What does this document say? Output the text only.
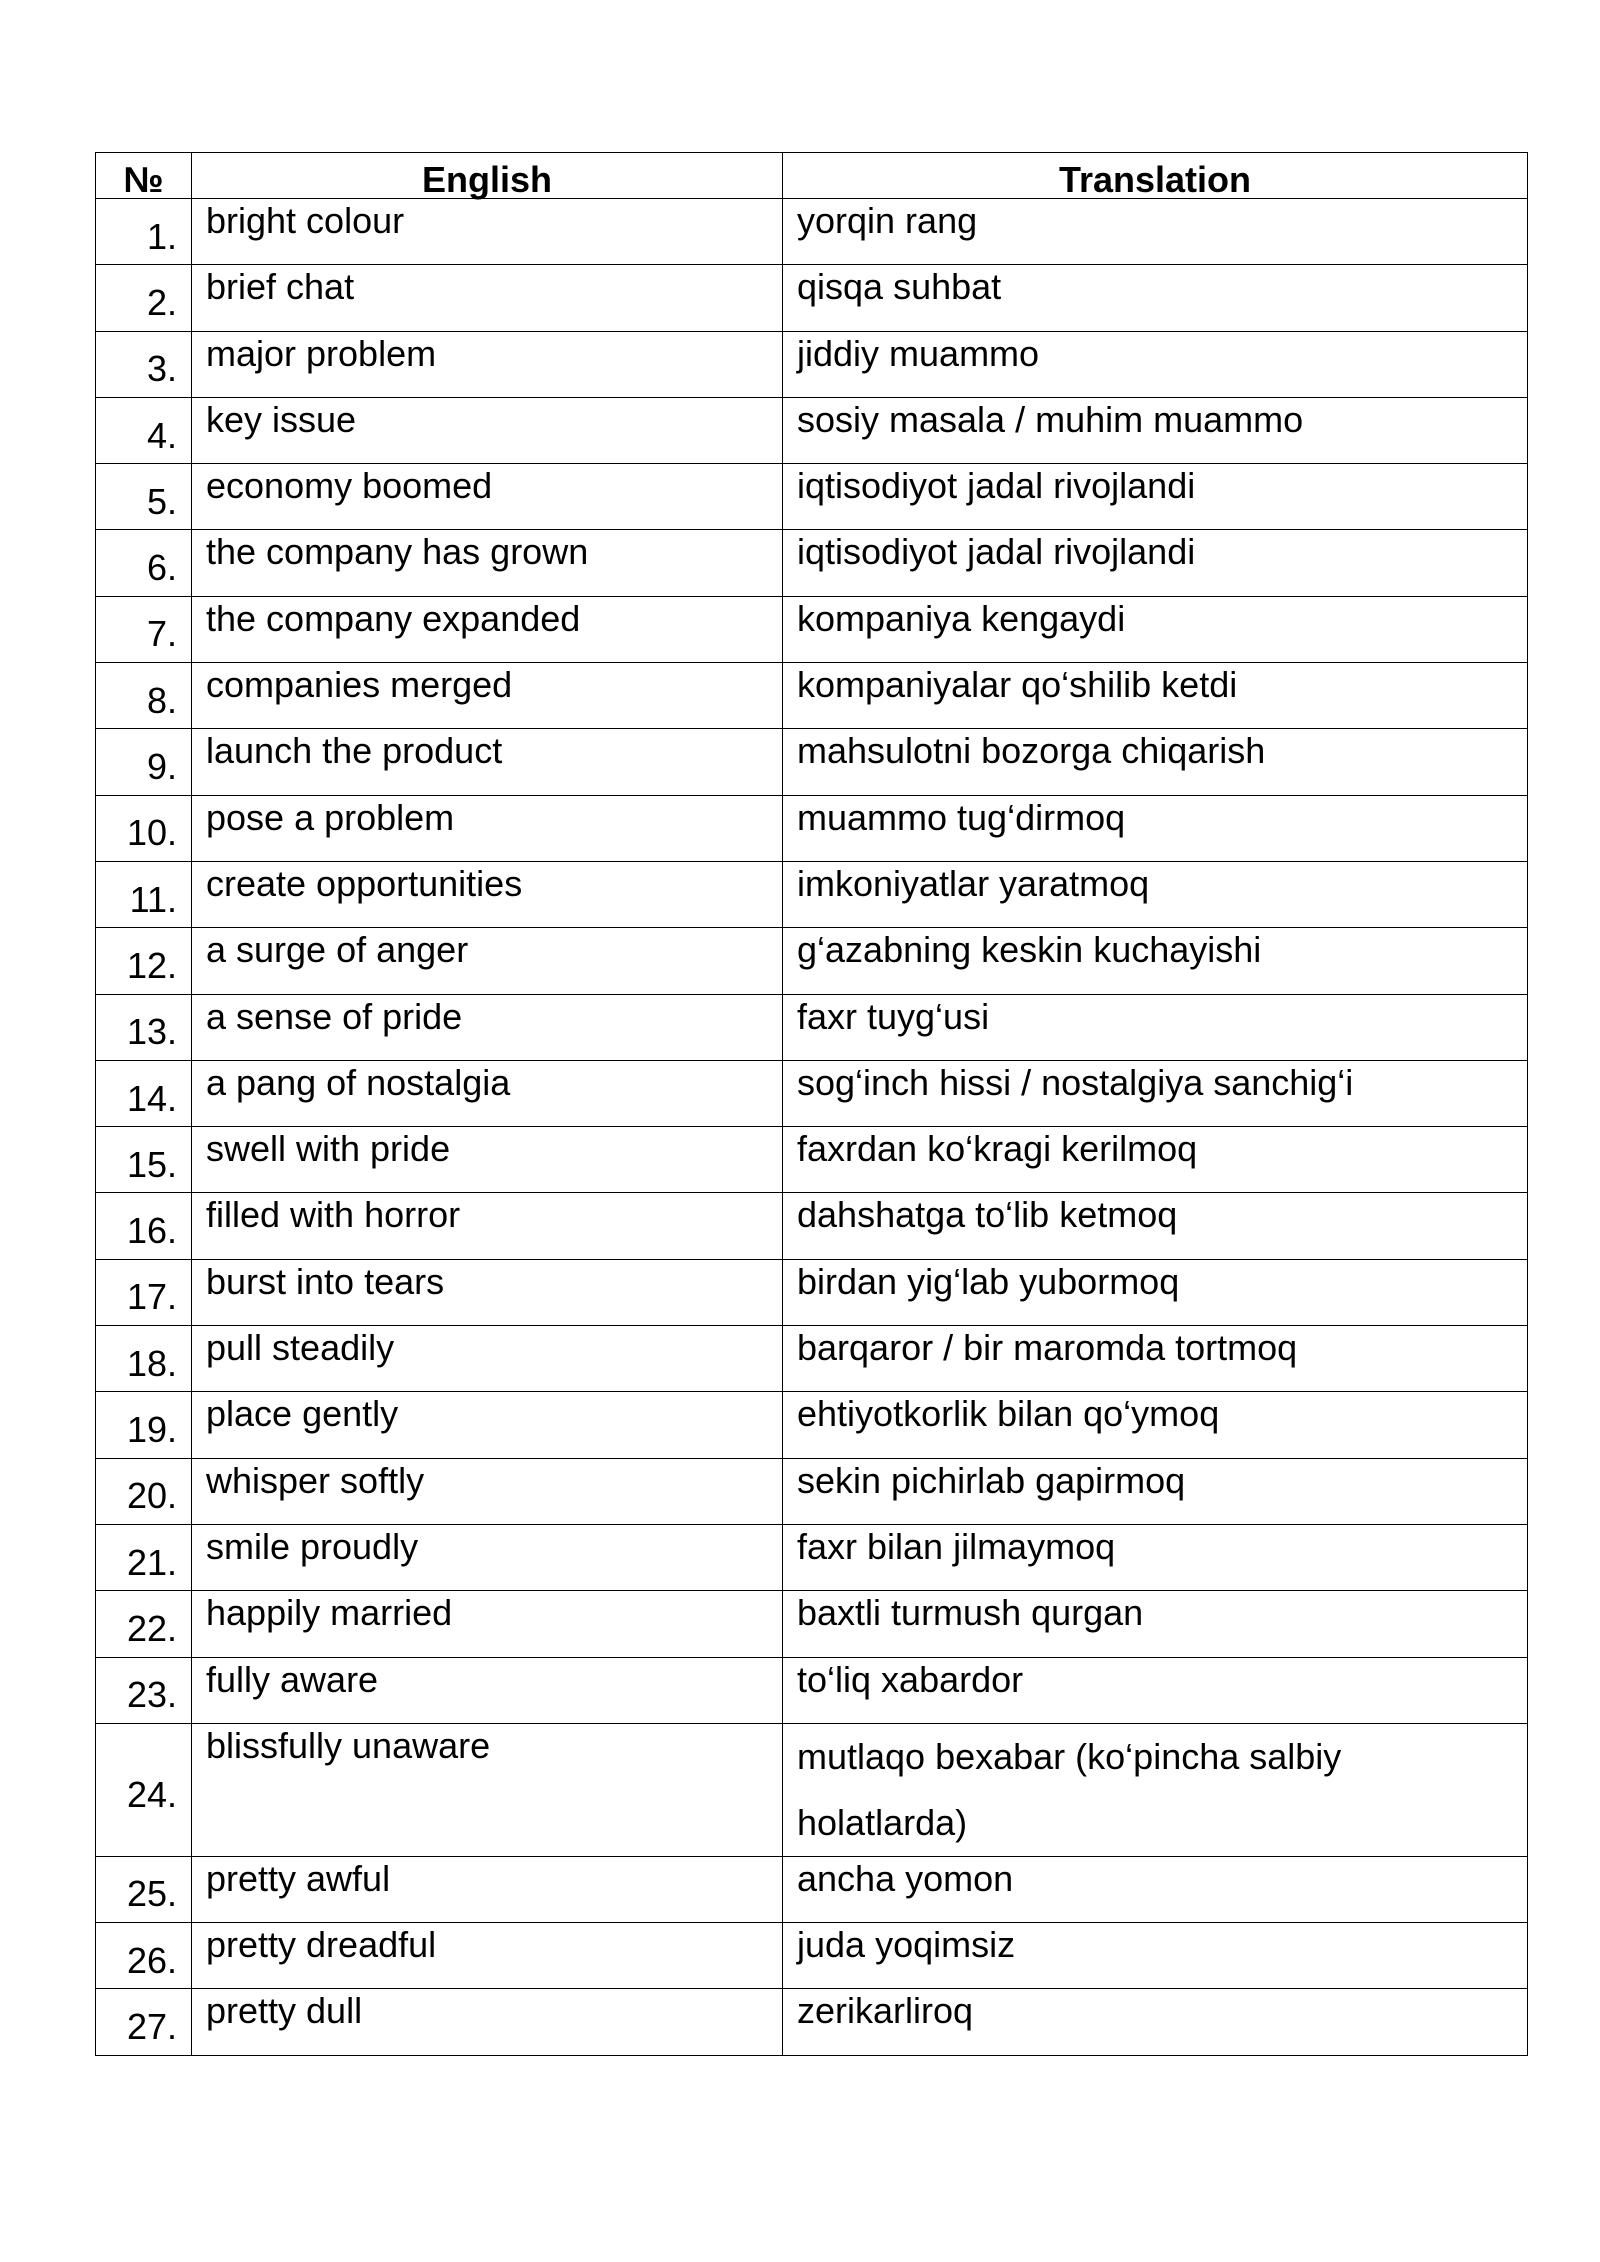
№	English	Translation
1.	bright colour	yorqin rang
2.	brief chat	qisqa suhbat
3.	major problem	jiddiy muammo
4.	key issue	sosiy masala / muhim muammo
5.	economy boomed	iqtisodiyot jadal rivojlandi
6.	the company has grown	iqtisodiyot jadal rivojlandi
7.	the company expanded	kompaniya kengaydi
8.	companies merged	kompaniyalar qo‘shilib ketdi
9.	launch the product	mahsulotni bozorga chiqarish
10.	pose a problem	muammo tug‘dirmoq
11.	create opportunities	imkoniyatlar yaratmoq
12.	a surge of anger	g‘azabning keskin kuchayishi
13.	a sense of pride	faxr tuyg‘usi
14.	a pang of nostalgia	sog‘inch hissi / nostalgiya sanchig‘i
15.	swell with pride	faxrdan ko‘kragi kerilmoq
16.	filled with horror	dahshatga to‘lib ketmoq
17.	burst into tears	birdan yig‘lab yubormoq
18.	pull steadily	barqaror / bir maromda tortmoq
19.	place gently	ehtiyotkorlik bilan qo‘ymoq
20.	whisper softly	sekin pichirlab gapirmoq
21.	smile proudly	faxr bilan jilmaymoq
22.	happily married	baxtli turmush qurgan
23.	fully aware	to‘liq xabardor
24.	blissfully unaware	mutlaqo bexabar (ko‘pincha salbiy holatlarda)
25.	pretty awful	ancha yomon
26.	pretty dreadful	juda yoqimsiz
27.	pretty dull	zerikarliroq
